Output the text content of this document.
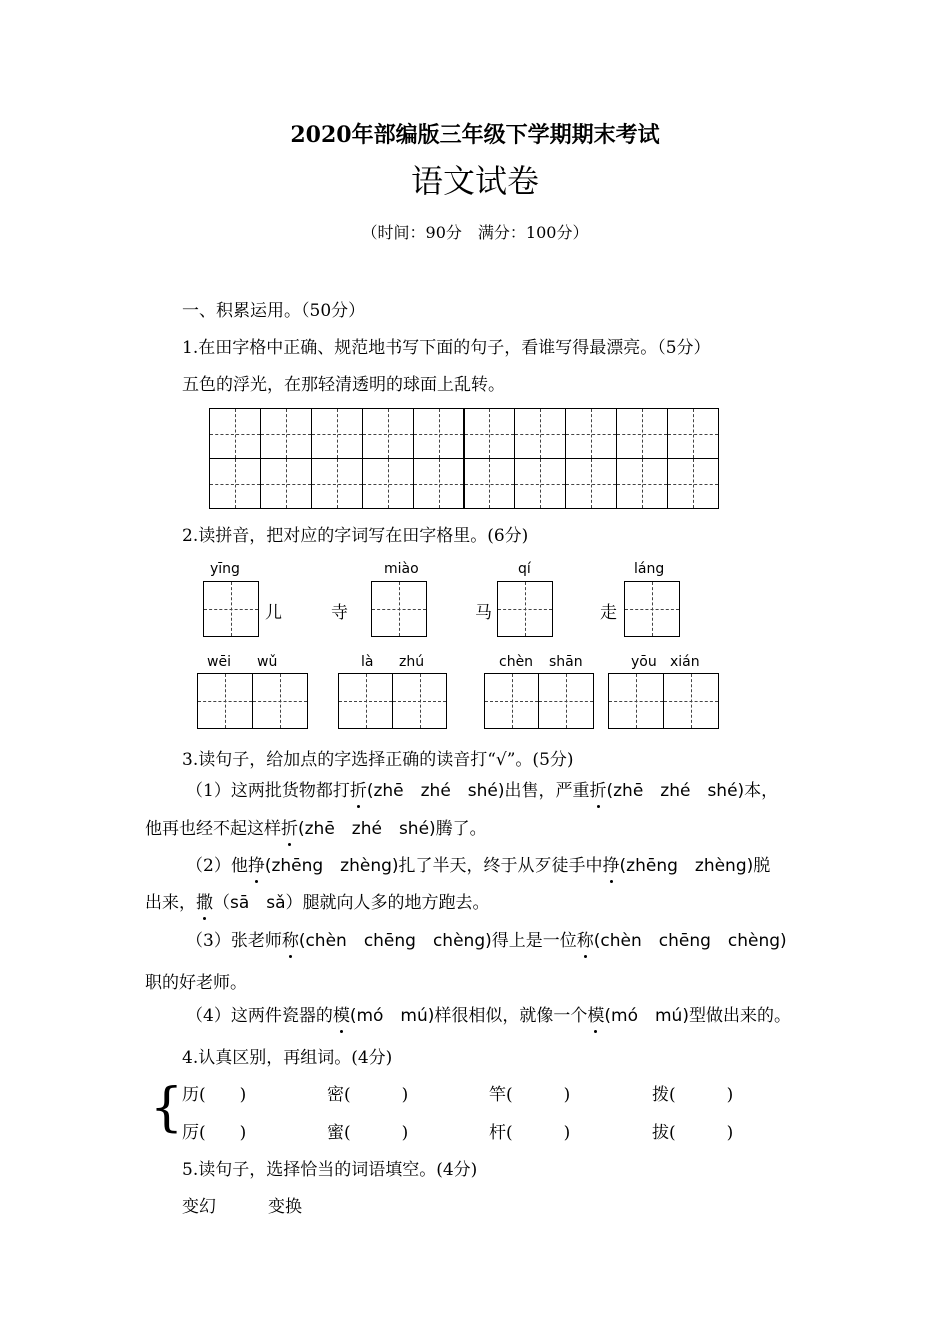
2020年部编版三年级下学期期末考试
语文试卷
（时间：90分　满分：100分）
一、积累运用。（50分）
1.在田字格中正确、规范地书写下面的句子，看谁写得最漂亮。（5分）
五色的浮光，在那轻清透明的球面上乱转。
2.读拼音，把对应的字词写在田字格里。(6分)
yīng
儿
miào
寺
qí
马
láng
走
wēi wǔ	là zhú	chèn shān	yōu xián
3.读句子，给加点的字选择正确的读音打“√”。(5分)
（1）这两批货物都打折(zhē　zhé　shé)出售，严重折(zhē　zhé　shé)本，
他再也经不起这样折(zhē　zhé　shé)腾了。
（2）他挣(zhēng　zhèng)扎了半天，终于从歹徒手中挣(zhēng　zhèng)脱
出来，撒（sā　sǎ）腿就向人多的地方跑去。
（3）张老师称(chèn　chēng　chèng)得上是一位称(chèn　chēng　chèng)
职的好老师。
（4）这两件瓷器的模(mó　mú)样很相似，就像一个模(mó　mú)型做出来的。
4.认真区别，再组词。(4分)
{
历(　　)	密(　　　)	竿(　　　)	拨(　　　)
厉(　　)	蜜(　　　)	杆(　　　)	拔(　　　)
5.读句子，选择恰当的词语填空。(4分)
变幻	变换
